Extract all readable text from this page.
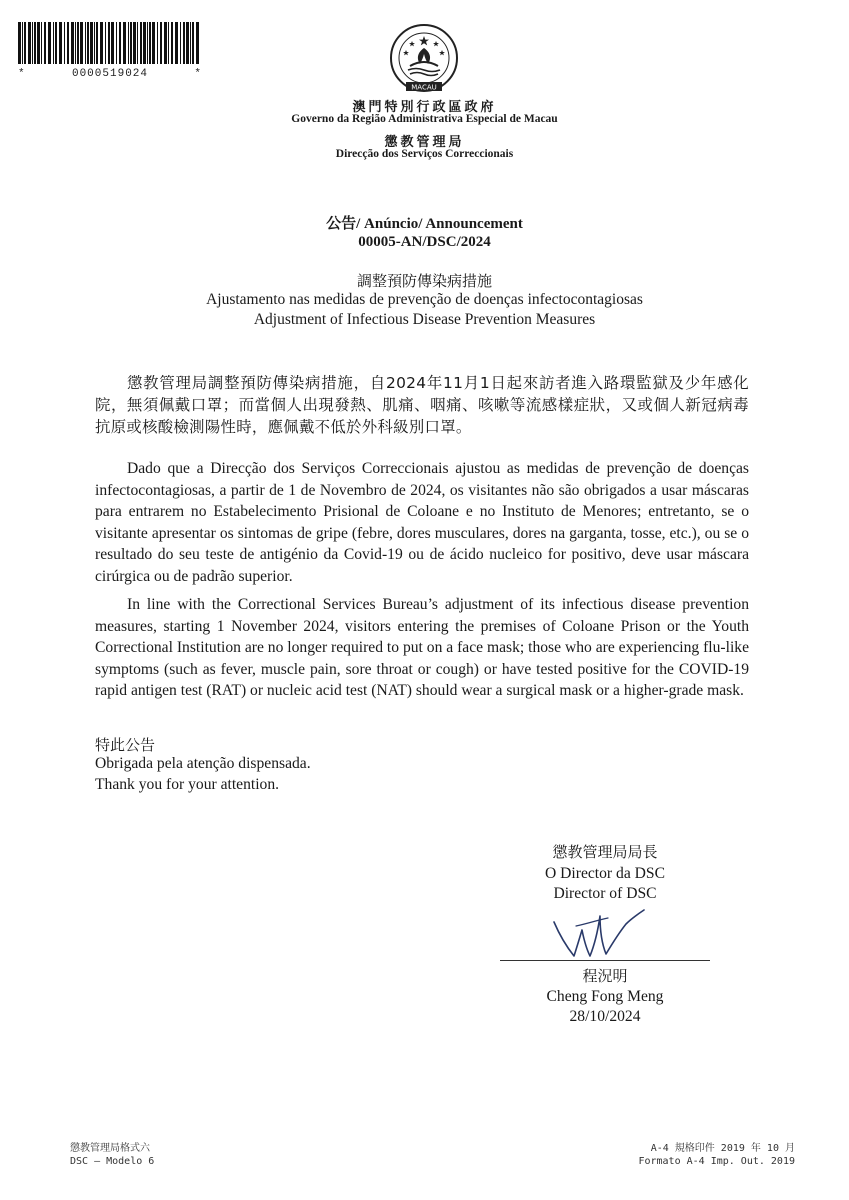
*	0000519024	*
MACAU
澳門特別行政區政府
Governo da Região Administrativa Especial de Macau
懲教管理局
Direcção dos Serviços Correccionais
公告/ Anúncio/ Announcement
00005-AN/DSC/2024
調整預防傳染病措施
Ajustamento nas medidas de prevenção de doenças infectocontagiosas
Adjustment of Infectious Disease Prevention Measures
懲教管理局調整預防傳染病措施，自2024年11月1日起來訪者進入路環監獄及少年感化院，無須佩戴口罩；而當個人出現發熱、肌痛、咽痛、咳嗽等流感樣症狀，又或個人新冠病毒抗原或核酸檢測陽性時，應佩戴不低於外科級別口罩。
Dado que a Direcção dos Serviços Correccionais ajustou as medidas de prevenção de doenças infectocontagiosas, a partir de 1 de Novembro de 2024, os visitantes não são obrigados a usar máscaras para entrarem no Estabelecimento Prisional de Coloane e no Instituto de Menores; entretanto, se o visitante apresentar os sintomas de gripe (febre, dores musculares, dores na garganta, tosse, etc.), ou se o resultado do seu teste de antigénio da Covid-19 ou de ácido nucleico for positivo, deve usar máscara cirúrgica ou de padrão superior.
In line with the Correctional Services Bureau’s adjustment of its infectious disease prevention measures, starting 1 November 2024, visitors entering the premises of Coloane Prison or the Youth Correctional Institution are no longer required to put on a face mask; those who are experiencing flu-like symptoms (such as fever, muscle pain, sore throat or cough) or have tested positive for the COVID-19 rapid antigen test (RAT) or nucleic acid test (NAT) should wear a surgical mask or a higher-grade mask.
特此公告
Obrigada pela atenção dispensada.
Thank you for your attention.
懲教管理局局長
O Director da DSC
Director of DSC
程況明
Cheng Fong Meng
28/10/2024
懲教管理局格式六
DSC – Modelo 6
A-4 規格印件 2019 年 10 月
Formato A-4 Imp. Out. 2019
